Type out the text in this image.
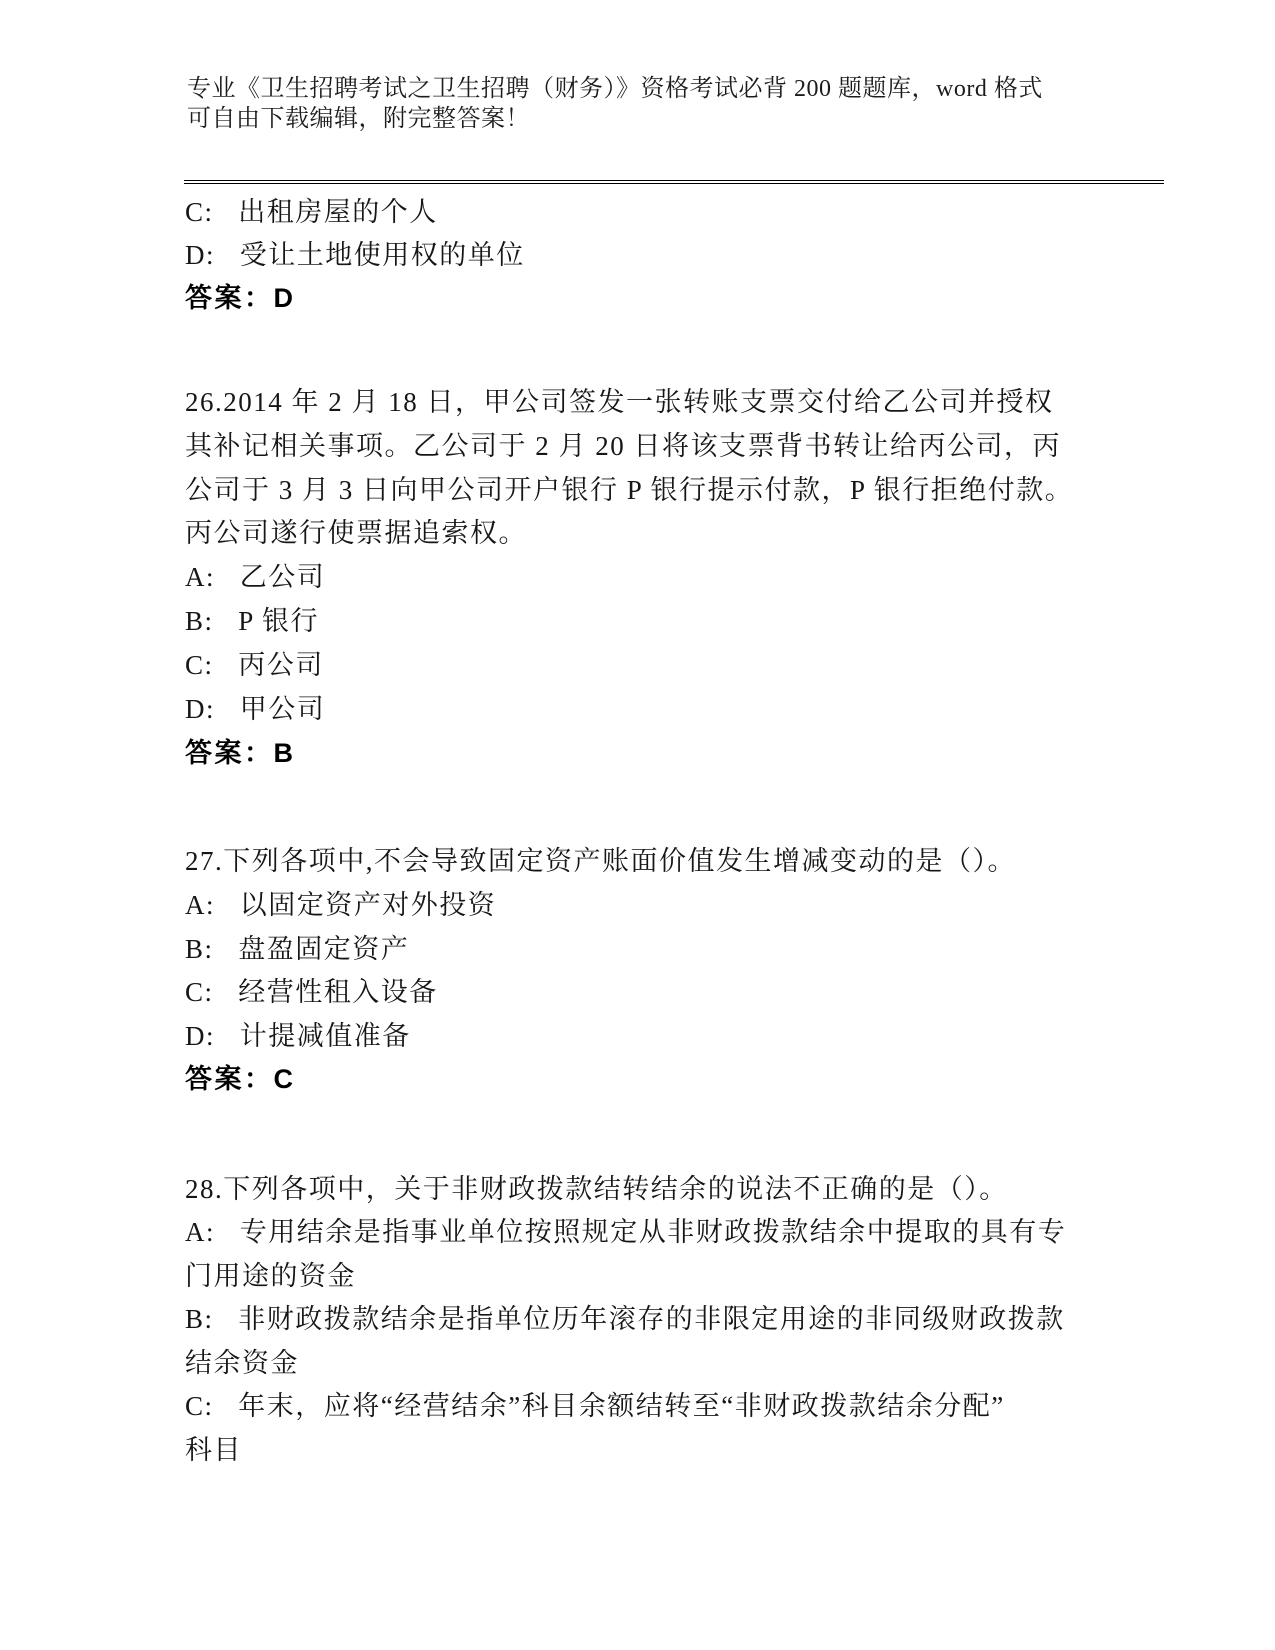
专业《卫生招聘考试之卫生招聘（财务）》资格考试必背 200 题题库，word 格式
可自由下载编辑，附完整答案！
C:   出租房屋的个人
D:   受让土地使用权的单位
答案：D
26.2014 年 2 月 18 日，甲公司签发一张转账支票交付给乙公司并授权
其补记相关事项。乙公司于 2 月 20 日将该支票背书转让给丙公司，丙
公司于 3 月 3 日向甲公司开户银行 P 银行提示付款，P 银行拒绝付款。
丙公司遂行使票据追索权。
A:   乙公司
B:   P 银行
C:   丙公司
D:   甲公司
答案：B
27.下列各项中,不会导致固定资产账面价值发生增减变动的是（）。
A:   以固定资产对外投资
B:   盘盈固定资产
C:   经营性租入设备
D:   计提减值准备
答案：C
28.下列各项中，关于非财政拨款结转结余的说法不正确的是（）。
A:   专用结余是指事业单位按照规定从非财政拨款结余中提取的具有专
门用途的资金
B:   非财政拨款结余是指单位历年滚存的非限定用途的非同级财政拨款
结余资金
C:   年末，应将“经营结余”科目余额结转至“非财政拨款结余分配”
科目
